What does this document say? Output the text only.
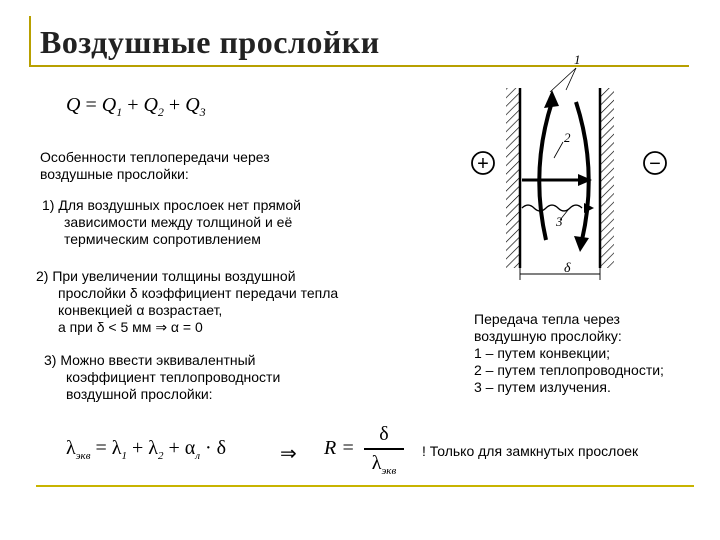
Воздушные прослойки
$Q = Q_1 + Q_2 + Q_3$
Особенности теплопередачи через
воздушные прослойки:
1) Для воздушных прослоек нет прямой
зависимости между толщиной и её
термическим сопротивлением
2) При увеличении толщины воздушной
прослойки δ коэффициент передачи тепла
конвекцией α возрастает,
а при δ < 5 мм ⇒ α = 0
3) Можно ввести эквивалентный
коэффициент теплопроводности
воздушной прослойки:
$\lambda_{экв} = \lambda_1 + \lambda_2 + \alpha_л \cdot \delta$	⇒ R =
δ
$\lambda_{экв}$
1
2
3
+	−
δ
Передача тепла через
воздушную прослойку:
1 – путем конвекции;
2 – путем теплопроводности;
3 – путем излучения.
! Только для замкнутых прослоек
